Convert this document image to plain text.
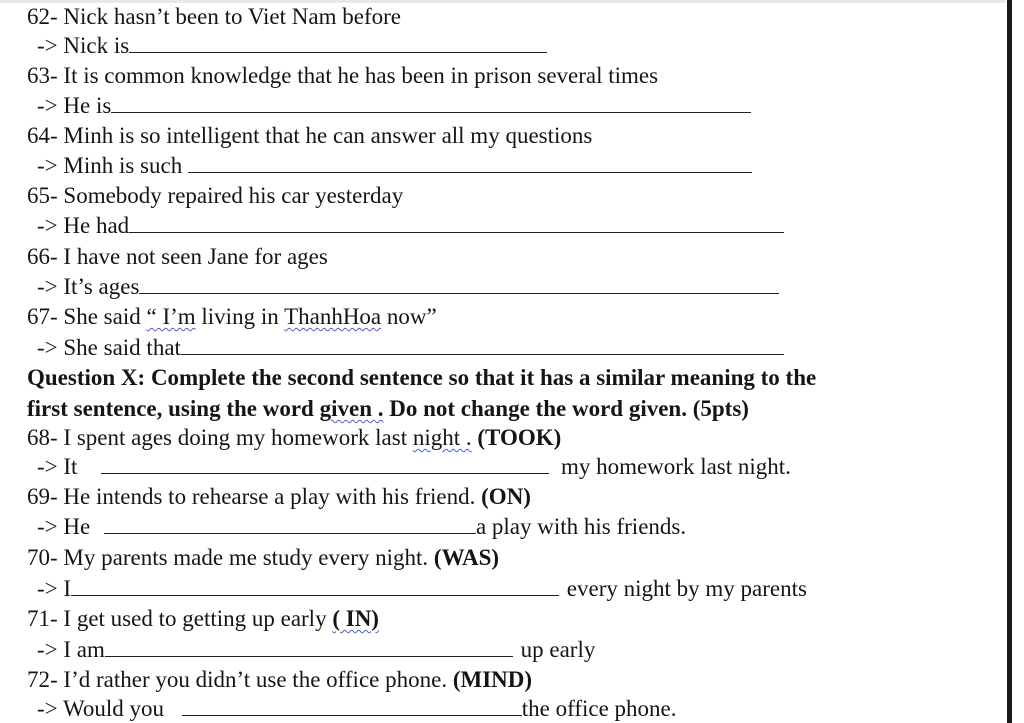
62- Nick hasn’t been to Viet Nam before
-> Nick is
63- It is common knowledge that he has been in prison several times
-> He is
64- Minh is so intelligent that he can answer all my questions
-> Minh is such
65- Somebody repaired his car yesterday
-> He had
66- I have not seen Jane for ages
-> It’s ages
67- She said “ I’m living in ThanhHoa now”
-> She said that
Question X: Complete the second sentence so that it has a similar meaning to the
first sentence, using the word given . Do not change the word given. (5pts)
68- I spent ages doing my homework last night . (TOOK)
-> It	my homework last night.
69- He intends to rehearse a play with his friend. (ON)
-> He	a play with his friends.
70- My parents made me study every night. (WAS)
-> I	every night by my parents
71- I get used to getting up early ( IN)
-> I am	up early
72- I’d rather you didn’t use the office phone. (MIND)
-> Would you	the office phone.
